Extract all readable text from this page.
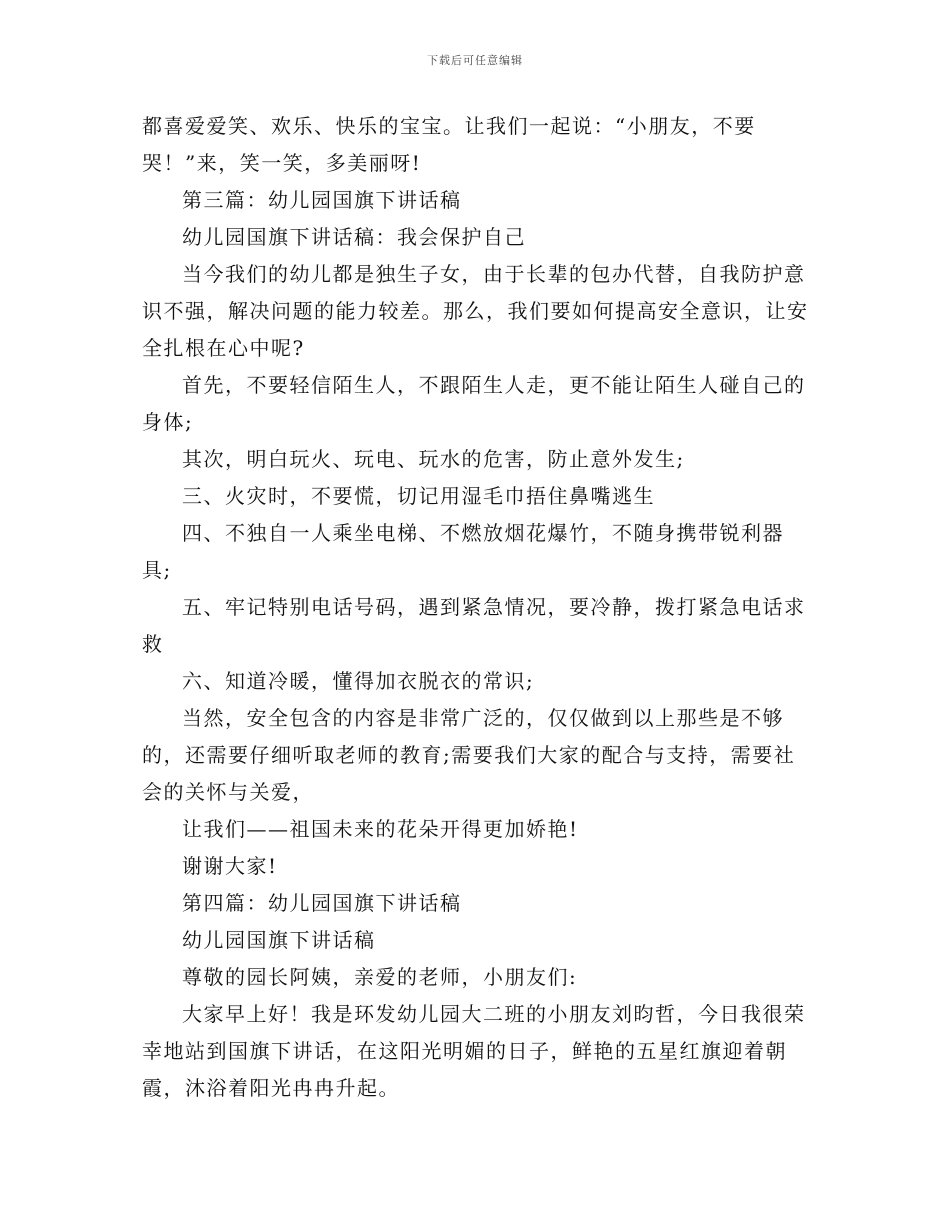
下载后可任意编辑

都喜爱爱笑、欢乐、快乐的宝宝。让我们一起说：“小朋友，不要哭！”来，笑一笑，多美丽呀!

第三篇：幼儿园国旗下讲话稿

幼儿园国旗下讲话稿：我会保护自己

当今我们的幼儿都是独生子女，由于长辈的包办代替，自我防护意识不强，解决问题的能力较差。那么，我们要如何提高安全意识，让安全扎根在心中呢?

首先，不要轻信陌生人，不跟陌生人走，更不能让陌生人碰自己的身体;

其次，明白玩火、玩电、玩水的危害，防止意外发生;

三、火灾时，不要慌，切记用湿毛巾捂住鼻嘴逃生

四、不独自一人乘坐电梯、不燃放烟花爆竹，不随身携带锐利器具;

五、牢记特别电话号码，遇到紧急情况，要冷静，拨打紧急电话求救

六、知道冷暖，懂得加衣脱衣的常识;

当然，安全包含的内容是非常广泛的，仅仅做到以上那些是不够的，还需要仔细听取老师的教育;需要我们大家的配合与支持，需要社会的关怀与关爱，

让我们——祖国未来的花朵开得更加娇艳!

谢谢大家!

第四篇：幼儿园国旗下讲话稿

幼儿园国旗下讲话稿

尊敬的园长阿姨，亲爱的老师，小朋友们:

大家早上好！我是环发幼儿园大二班的小朋友刘昀哲，今日我很荣幸地站到国旗下讲话，在这阳光明媚的日子，鲜艳的五星红旗迎着朝霞，沐浴着阳光冉冉升起。
